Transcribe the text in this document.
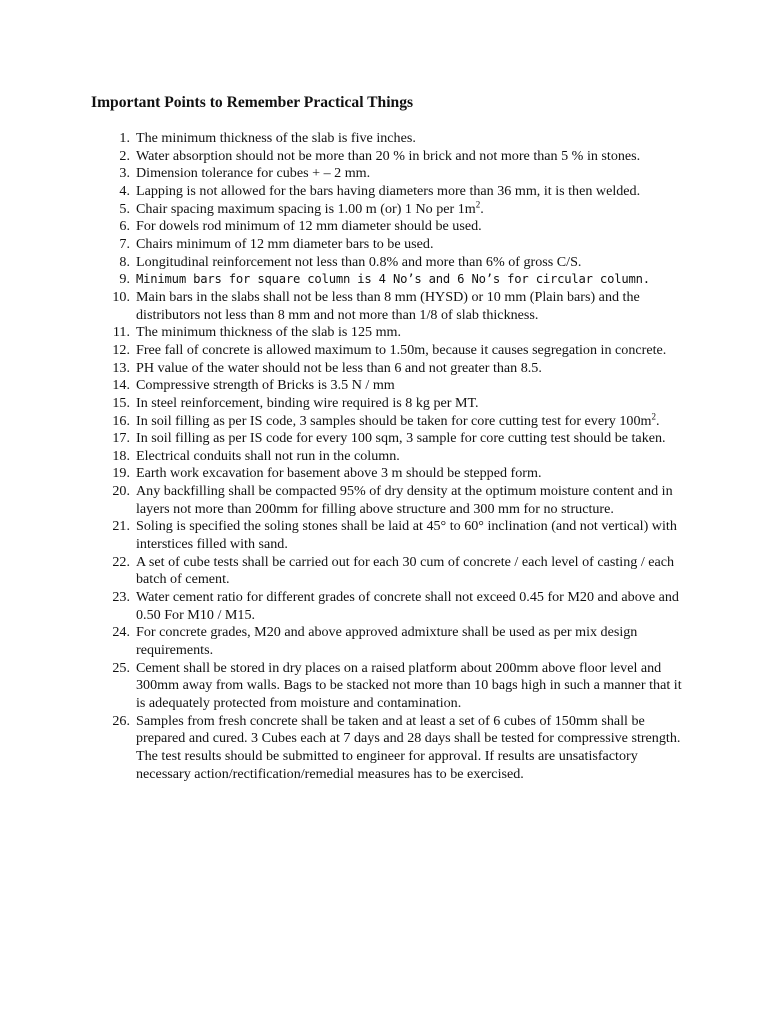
Important Points to Remember Practical Things
1. The minimum thickness of the slab is five inches.
2. Water absorption should not be more than 20 % in brick and not more than 5 % in stones.
3. Dimension tolerance for cubes + – 2 mm.
4. Lapping is not allowed for the bars having diameters more than 36 mm, it is then welded.
5. Chair spacing maximum spacing is 1.00 m (or) 1 No per $1m^2$.
6. For dowels rod minimum of 12 mm diameter should be used.
7. Chairs minimum of 12 mm diameter bars to be used.
8. Longitudinal reinforcement not less than 0.8% and more than 6% of gross C/S.
9. Minimum bars for square column is 4 No’s and 6 No’s for circular column.
10. Main bars in the slabs shall not be less than 8 mm (HYSD) or 10 mm (Plain bars) and the distributors not less than 8 mm and not more than 1/8 of slab thickness.
11. The minimum thickness of the slab is 125 mm.
12. Free fall of concrete is allowed maximum to 1.50m, because it causes segregation in concrete.
13. PH value of the water should not be less than 6 and not greater than 8.5.
14. Compressive strength of Bricks is 3.5 N / mm
15. In steel reinforcement, binding wire required is 8 kg per MT.
16. In soil filling as per IS code, 3 samples should be taken for core cutting test for every $100m^2$.
17. In soil filling as per IS code for every 100 sqm, 3 sample for core cutting test should be taken.
18. Electrical conduits shall not run in the column.
19. Earth work excavation for basement above 3 m should be stepped form.
20. Any backfilling shall be compacted 95% of dry density at the optimum moisture content and in layers not more than 200mm for filling above structure and 300 mm for no structure.
21. Soling is specified the soling stones shall be laid at 45° to 60° inclination (and not vertical) with interstices filled with sand.
22. A set of cube tests shall be carried out for each 30 cum of concrete / each level of casting / each batch of cement.
23. Water cement ratio for different grades of concrete shall not exceed 0.45 for M20 and above and 0.50 For M10 / M15.
24. For concrete grades, M20 and above approved admixture shall be used as per mix design requirements.
25. Cement shall be stored in dry places on a raised platform about 200mm above floor level and 300mm away from walls. Bags to be stacked not more than 10 bags high in such a manner that it is adequately protected from moisture and contamination.
26. Samples from fresh concrete shall be taken and at least a set of 6 cubes of 150mm shall be prepared and cured. 3 Cubes each at 7 days and 28 days shall be tested for compressive strength. The test results should be submitted to engineer for approval. If results are unsatisfactory necessary action/rectification/remedial measures has to be exercised.
